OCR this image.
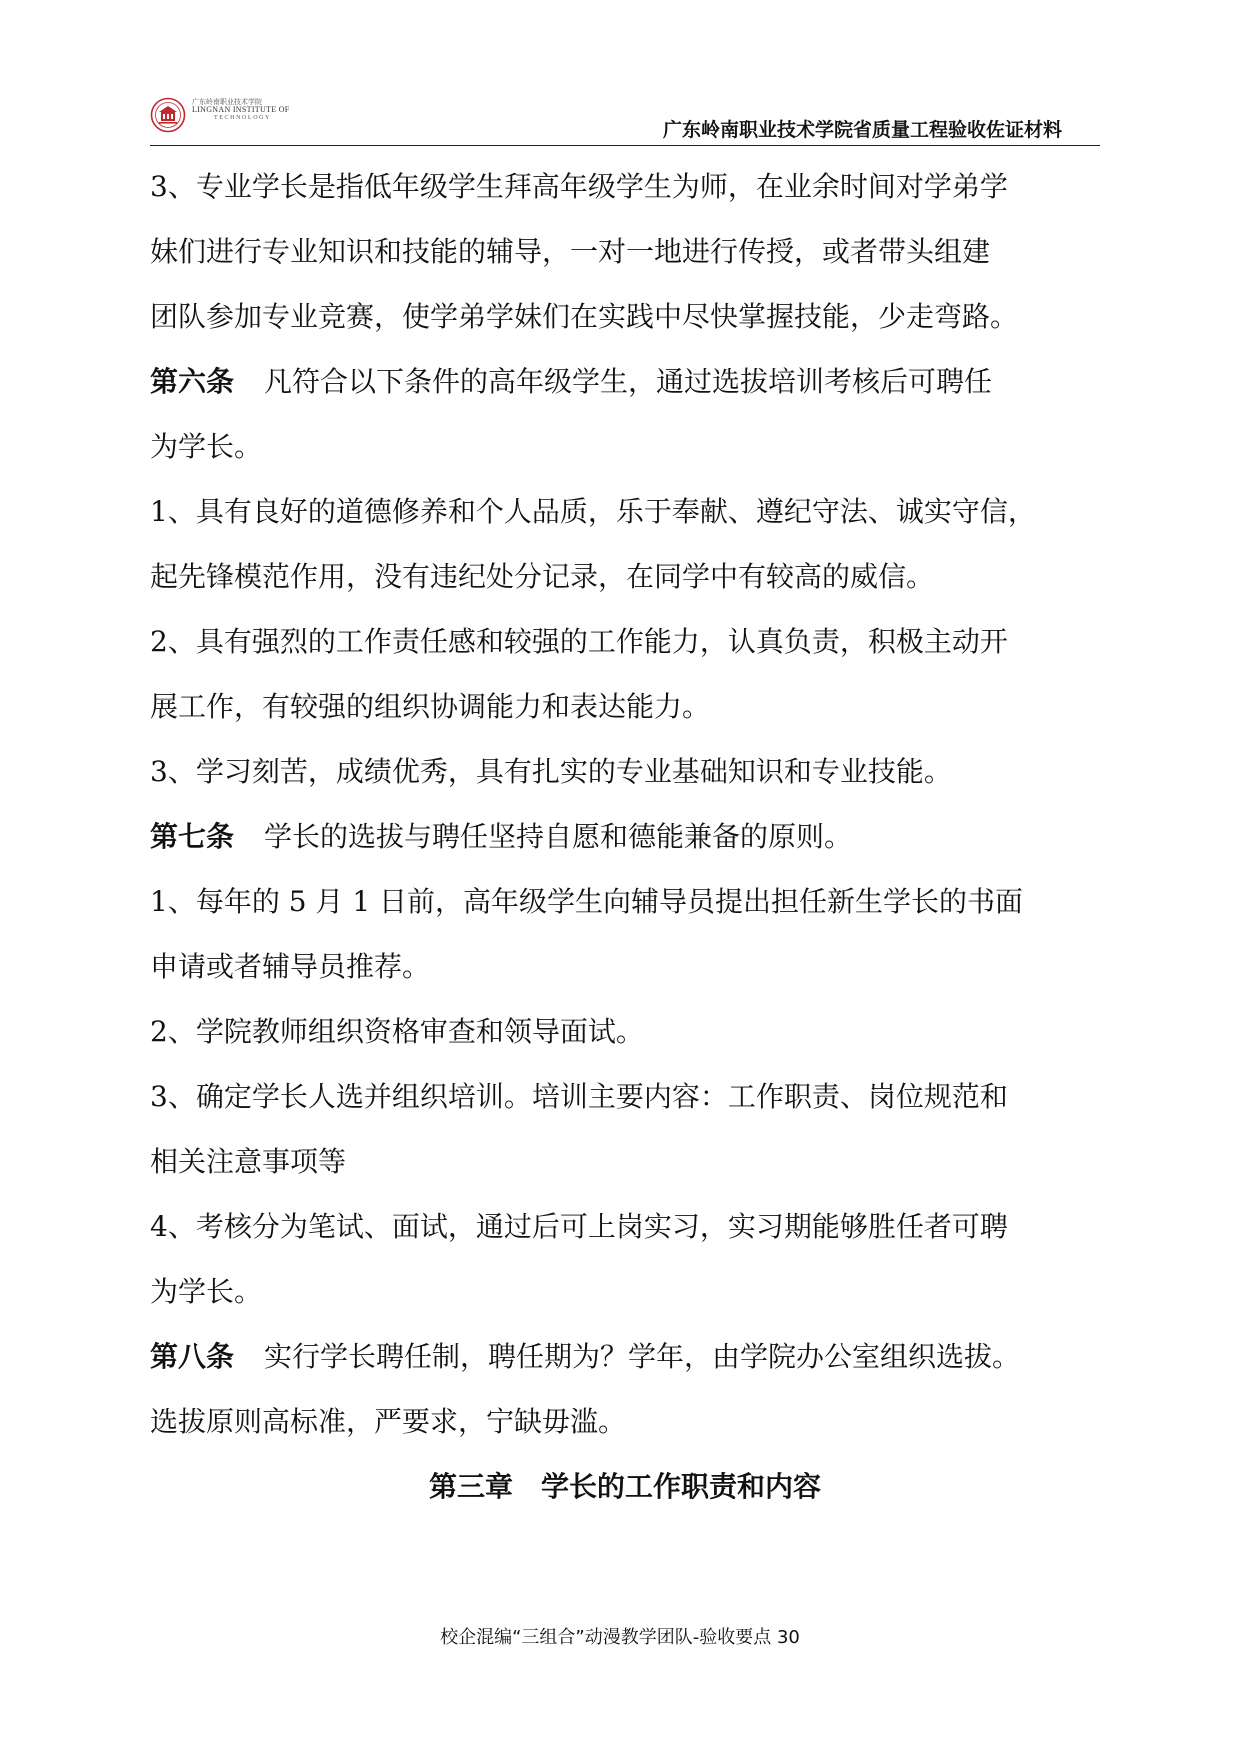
广东岭南职业技术学院
LINGNAN INSTITUTE OF
TECHNOLOGY
广东岭南职业技术学院省质量工程验收佐证材料
3、专业学长是指低年级学生拜高年级学生为师，在业余时间对学弟学
妹们进行专业知识和技能的辅导，一对一地进行传授，或者带头组建
团队参加专业竞赛，使学弟学妹们在实践中尽快掌握技能，少走弯路。
第六条 凡符合以下条件的高年级学生，通过选拔培训考核后可聘任
为学长。
1、具有良好的道德修养和个人品质，乐于奉献、遵纪守法、诚实守信，
起先锋模范作用，没有违纪处分记录，在同学中有较高的威信。
2、具有强烈的工作责任感和较强的工作能力，认真负责，积极主动开
展工作，有较强的组织协调能力和表达能力。
3、学习刻苦，成绩优秀，具有扎实的专业基础知识和专业技能。
第七条 学长的选拔与聘任坚持自愿和德能兼备的原则。
1、每年的 5 月 1 日前，高年级学生向辅导员提出担任新生学长的书面
申请或者辅导员推荐。
2、学院教师组织资格审查和领导面试。
3、确定学长人选并组织培训。培训主要内容：工作职责、岗位规范和
相关注意事项等
4、考核分为笔试、面试，通过后可上岗实习，实习期能够胜任者可聘
为学长。
第八条 实行学长聘任制，聘任期为？学年，由学院办公室组织选拔。
选拔原则高标准，严要求，宁缺毋滥。
第三章　学长的工作职责和内容
校企混编“三组合”动漫教学团队-验收要点 30
